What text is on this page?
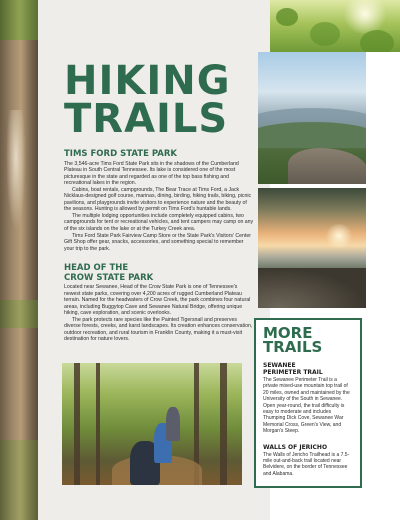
HIKING
TRAILS
TIMS FORD STATE PARK

The 3,546-acre Tims Ford State Park sits in the shadows of the Cumberland Plateau in South Central Tennessee. Its lake is considered one of the most picturesque in the state and regarded as one of the top bass fishing and recreational lakes in the region.

Cabins, boat rentals, campgrounds, The Bear Trace at Tims Ford, a Jack Nicklaus-designed golf course, marinas, dining, birding, hiking trails, biking, picnic pavilions, and playgrounds invite visitors to experience nature and the beauty of the seasons. Hunting is allowed by permit on Tims Ford's huntable lands.

The multiple lodging opportunities include completely equipped cabins, two campgrounds for tent or recreational vehicles, and tent campers may camp on any of the six islands on the lake or at the Turkey Creek area.

Tims Ford State Park Fairview Camp Store or the State Park's Visitors' Center Gift Shop offer gear, snacks, accessories, and something special to remember your trip to the park.

HEAD OF THE
CROW STATE PARK

Located near Sewanee, Head of the Crow State Park is one of Tennessee's newest state parks, covering over 4,200 acres of rugged Cumberland Plateau terrain. Named for the headwaters of Crow Creek, the park combines four natural areas, including Buggytop Cave and Sewanee Natural Bridge, offering unique hiking, cave exploration, and scenic overlooks.

The park protects rare species like the Painted Tigersnail and preserves diverse forests, creeks, and karst landscapes. Its creation enhances conservation, outdoor recreation, and rural tourism in Franklin County, making it a must-visit destination for nature lovers.	MORE
TRAILS
SEWANEE
PERIMETER TRAIL

The Sewanee Perimeter Trail is a private mixed-use mountain top trail of 20 miles, owned and maintained by the University of the South in Sewanee. Open year-round, the trail difficulty is easy to moderate and includes Thumping Dick Cove, Sewanee War Memorial Cross, Green's View, and Morgan's Steep.

WALLS OF JERICHO

The Walls of Jericho Trailhead is a 7.5-mile out-and-back trail located near Belvidere, on the border of Tennessee and Alabama.
